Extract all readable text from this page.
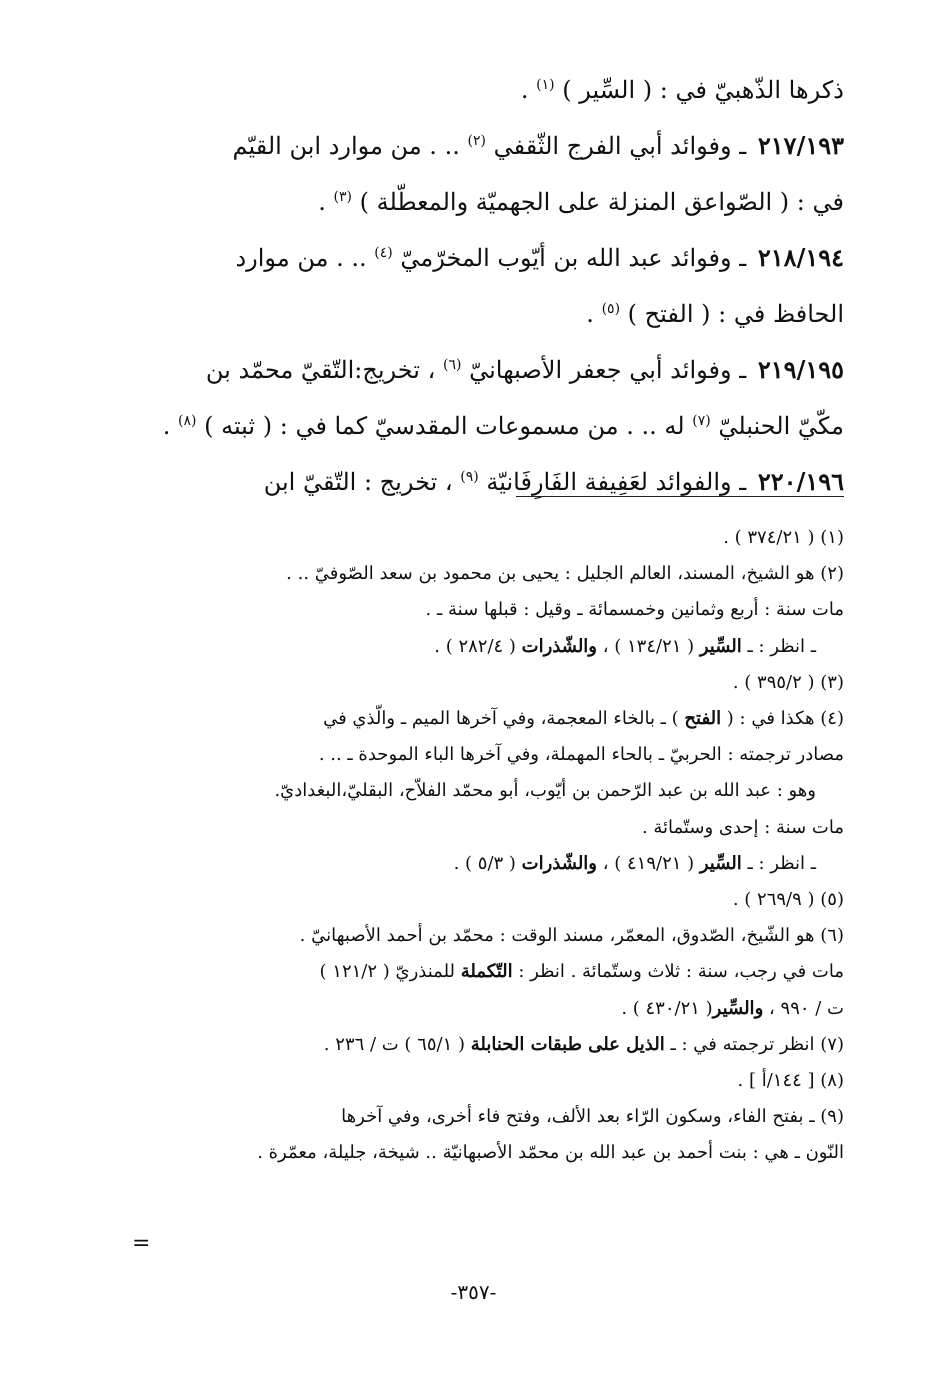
ذكرها الذّهبيّ في : ( السِّير ) $^{(١)}$ .

٢١٧/١٩٣ ـ وفوائد أبي الفرج الثّقفي $^{(٢)}$ .. . من موارد ابن القيّم

في : ( الصّواعق المنزلة على الجهميّة والمعطّلة ) $^{(٣)}$ .

٢١٨/١٩٤ ـ وفوائد عبد الله بن أيّوب المخرّميّ $^{(٤)}$ .. . من موارد

الحافظ في : ( الفتح ) $^{(٥)}$ .

٢١٩/١٩٥ ـ وفوائد أبي جعفر الأصبهانيّ $^{(٦)}$ ، تخريج:التّقيّ محمّد بن

مكّيّ الحنبليّ $^{(٧)}$ له .. . من مسموعات المقدسيّ كما في : ( ثبته ) $^{(٨)}$ .

٢٢٠/١٩٦ ـ والفوائد لعَفِيفة الفَارِفَانيّة $^{(٩)}$ ، تخريج : التّقيّ ابن

(١) ( ٣٧٤/٢١ ) .

(٢) هو الشيخ، المسند، العالم الجليل : يحيى بن محمود بن سعد الصّوفيّ .. .

مات سنة : أربع وثمانين وخمسمائة ـ وقيل : قبلها سنة ـ .

ـ انظر : ـ السِّير ( ١٣٤/٢١ ) ، والشّذرات ( ٢٨٢/٤ ) .

(٣) ( ٣٩٥/٢ ) .

(٤) هكذا في : ( الفتح ) ـ بالخاء المعجمة، وفي آخرها الميم ـ والّذي في

مصادر ترجمته : الحربيّ ـ بالحاء المهملة، وفي آخرها الباء الموحدة ـ .. .

وهو : عبد الله بن عبد الرّحمن بن أيّوب، أبو محمّد الفلاّح، البقليّ،البغداديّ.

مات سنة : إحدى وستّمائة .

ـ انظر : ـ السِّير ( ٤١٩/٢١ ) ، والشّذرات ( ٥/٣ ) .

(٥) ( ٢٦٩/٩ ) .

(٦) هو الشّيخ، الصّدوق، المعمّر، مسند الوقت : محمّد بن أحمد الأصبهانيّ .

مات في رجب، سنة : ثلاث وستّمائة . انظر : التّكملة للمنذريّ ( ١٢١/٢ )

ت / ٩٩٠ ، والسِّير( ٤٣٠/٢١ ) .

(٧) انظر ترجمته في : ـ الذيل على طبقات الحنابلة ( ٦٥/١ ) ت / ٢٣٦ .

(٨) [ ١٤٤/أ ] .

(٩) ـ بفتح الفاء، وسكون الرّاء بعد الألف، وفتح فاء أخرى، وفي آخرها

النّون ـ هي : بنت أحمد بن عبد الله بن محمّد الأصبهانيّة .. شيخة، جليلة، معمّرة .

=
-٣٥٧-
